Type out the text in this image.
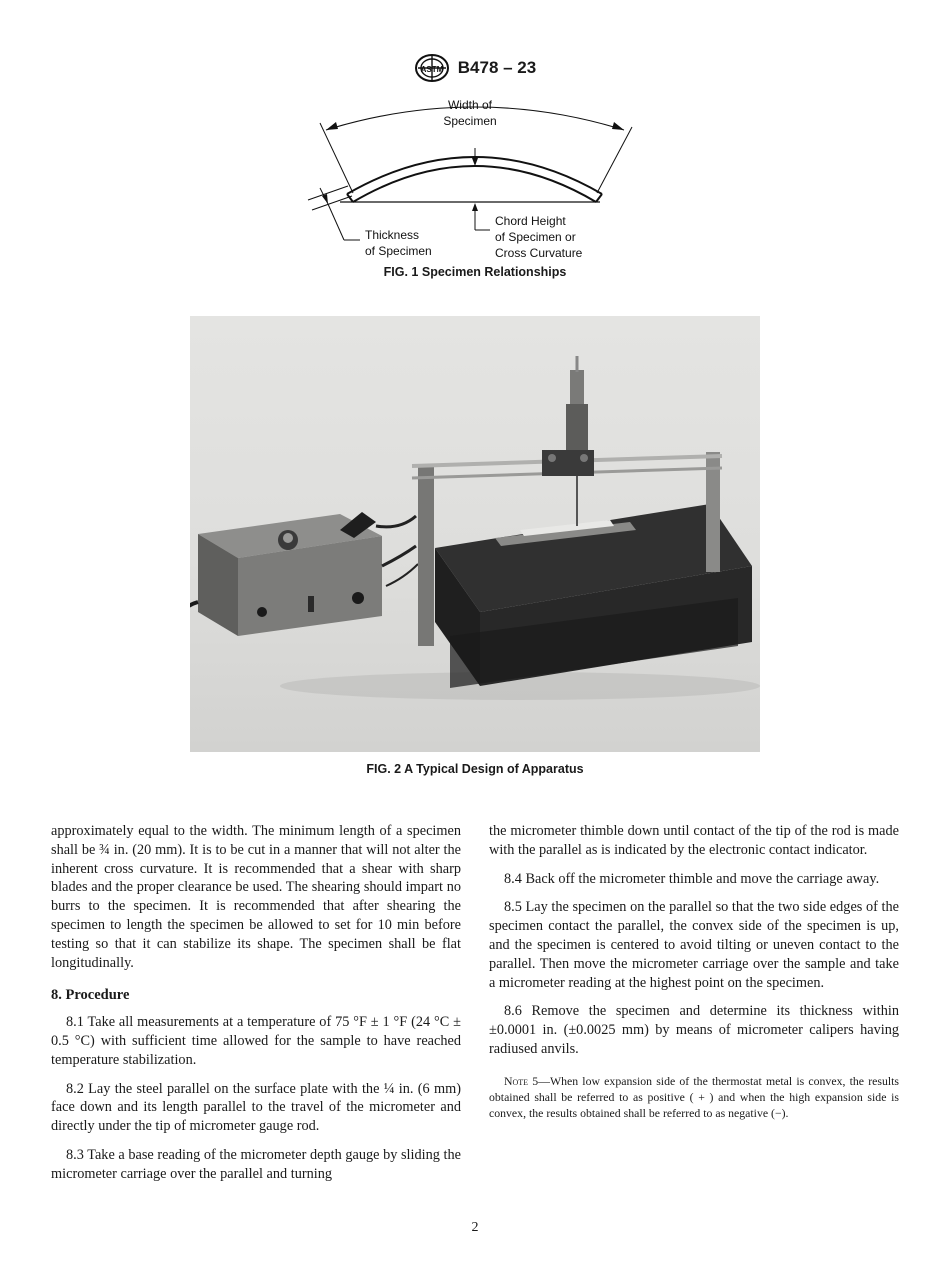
ASTM B478 – 23
Width of
Specimen
Thickness
of Specimen
Chord Height
of Specimen or
Cross Curvature
FIG. 1 Specimen Relationships
FIG. 2 A Typical Design of Apparatus

approximately equal to the width. The minimum length of a specimen shall be ¾ in. (20 mm). It is to be cut in a manner that will not alter the inherent cross curvature. It is recommended that a shear with sharp blades and the proper clearance be used. The shearing should impart no burrs to the specimen. It is recommended that after shearing the specimen to length the specimen be allowed to set for 10 min before testing so that it can stabilize its shape. The specimen shall be flat longitudinally.

8. Procedure

8.1 Take all measurements at a temperature of 75 °F ± 1 °F (24 °C ± 0.5 °C) with sufficient time allowed for the sample to have reached temperature stabilization.

8.2 Lay the steel parallel on the surface plate with the ¼ in. (6 mm) face down and its length parallel to the travel of the micrometer and directly under the tip of micrometer gauge rod.

8.3 Take a base reading of the micrometer depth gauge by sliding the micrometer carriage over the parallel and turning

the micrometer thimble down until contact of the tip of the rod is made with the parallel as is indicated by the electronic contact indicator.

8.4 Back off the micrometer thimble and move the carriage away.

8.5 Lay the specimen on the parallel so that the two side edges of the specimen contact the parallel, the convex side of the specimen is up, and the specimen is centered to avoid tilting or uneven contact to the parallel. Then move the micrometer carriage over the sample and take a micrometer reading at the highest point on the specimen.

8.6 Remove the specimen and determine its thickness within ±0.0001 in. (±0.0025 mm) by means of micrometer calipers having radiused anvils.

Note 5—When low expansion side of the thermostat metal is convex, the results obtained shall be referred to as positive ( + ) and when the high expansion side is convex, the results obtained shall be referred to as negative (−).

2
